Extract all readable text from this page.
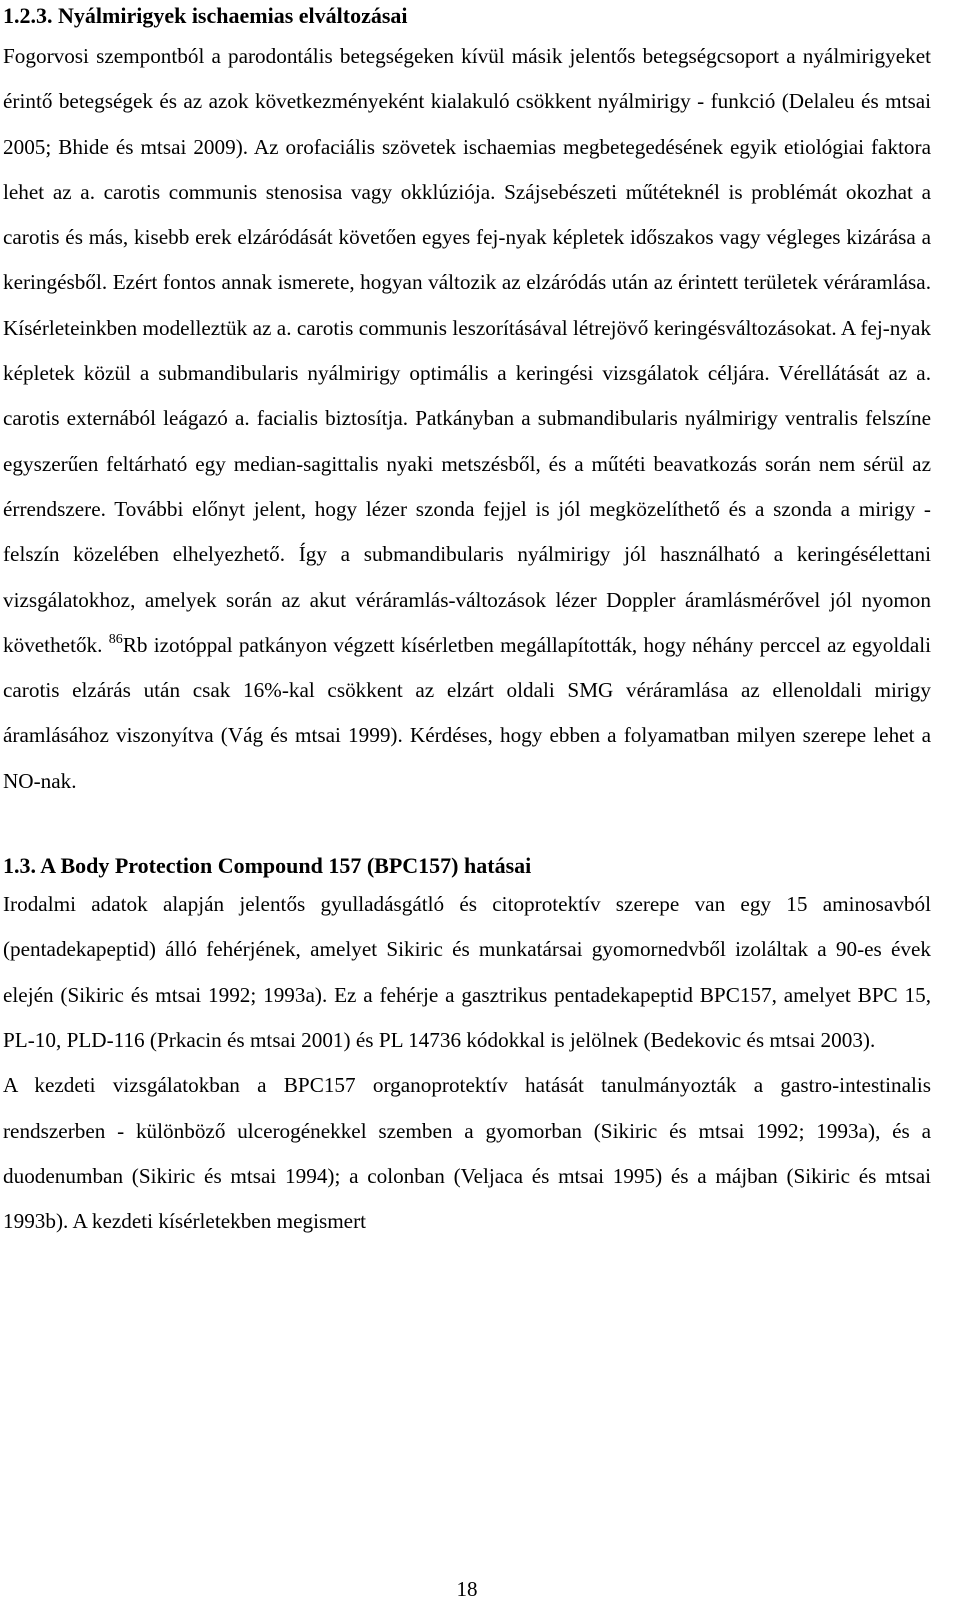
1.2.3. Nyálmirigyek ischaemias elváltozásai

Fogorvosi szempontból a parodontális betegségeken kívül másik jelentős betegségcsoport a nyálmirigyeket érintő betegségek és az azok következményeként kialakuló csökkent nyálmirigy - funkció (Delaleu és mtsai 2005; Bhide és mtsai 2009). Az orofaciális szövetek ischaemias megbetegedésének egyik etiológiai faktora lehet az a. carotis communis stenosisa vagy okklúziója. Szájsebészeti műtéteknél is problémát okozhat a carotis és más, kisebb erek elzáródását követően egyes fej-nyak képletek időszakos vagy végleges kizárása a keringésből. Ezért fontos annak ismerete, hogyan változik az elzáródás után az érintett területek véráramlása. Kísérleteinkben modelleztük az a. carotis communis leszorításával létrejövő keringésváltozásokat. A fej-nyak képletek közül a submandibularis nyálmirigy optimális a keringési vizsgálatok céljára. Vérellátását az a. carotis externából leágazó a. facialis biztosítja. Patkányban a submandibularis nyálmirigy ventralis felszíne egyszerűen feltárható egy median-sagittalis nyaki metszésből, és a műtéti beavatkozás során nem sérül az érrendszere. További előnyt jelent, hogy lézer szonda fejjel is jól megközelíthető és a szonda a mirigy - felszín közelében elhelyezhető. Így a submandibularis nyálmirigy jól használható a keringésélettani vizsgálatokhoz, amelyek során az akut véráramlás-változások lézer Doppler áramlásmérővel jól nyomon követhetők. $^{86}$Rb izotóppal patkányon végzett kísérletben megállapították, hogy néhány perccel az egyoldali carotis elzárás után csak 16%-kal csökkent az elzárt oldali SMG véráramlása az ellenoldali mirigy áramlásához viszonyítva (Vág és mtsai 1999). Kérdéses, hogy ebben a folyamatban milyen szerepe lehet a NO-nak.

1.3. A Body Protection Compound 157 (BPC157) hatásai

Irodalmi adatok alapján jelentős gyulladásgátló és citoprotektív szerepe van egy 15 aminosavból (pentadekapeptid) álló fehérjének, amelyet Sikiric és munkatársai gyomornedvből izoláltak a 90-es évek elején (Sikiric és mtsai 1992; 1993a). Ez a fehérje a gasztrikus pentadekapeptid BPC157, amelyet BPC 15, PL-10, PLD-116 (Prkacin és mtsai 2001) és PL 14736 kódokkal is jelölnek (Bedekovic és mtsai 2003).

A kezdeti vizsgálatokban a BPC157 organoprotektív hatását tanulmányozták a gastro-intestinalis rendszerben - különböző ulcerogénekkel szemben a gyomorban (Sikiric és mtsai 1992; 1993a), és a duodenumban (Sikiric és mtsai 1994); a colonban (Veljaca és mtsai 1995) és a májban (Sikiric és mtsai 1993b). A kezdeti kísérletekben megismert

18
